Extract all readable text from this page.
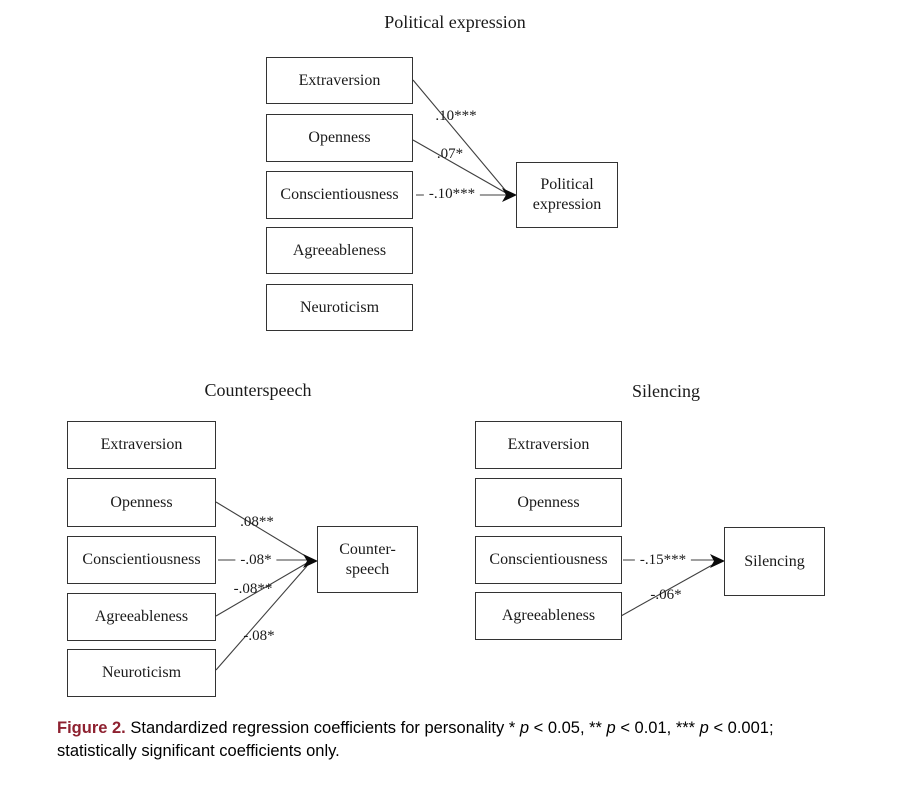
Political expression
Counterspeech	Silencing
Extraversion
Openness
Conscientiousness
Agreeableness
Neuroticism
Political
expression
.10***
.07*
-.10***
Extraversion
Openness
Conscientiousness
Agreeableness
Neuroticism
Counter-
speech
.08**
-.08*
-.08**
-.08*
Extraversion
Openness
Conscientiousness
Agreeableness
Silencing
-.15***
-.06*
Figure 2. Standardized regression coefficients for personality * p < 0.05, ** p < 0.01, *** p < 0.001;
statistically significant coefficients only.
